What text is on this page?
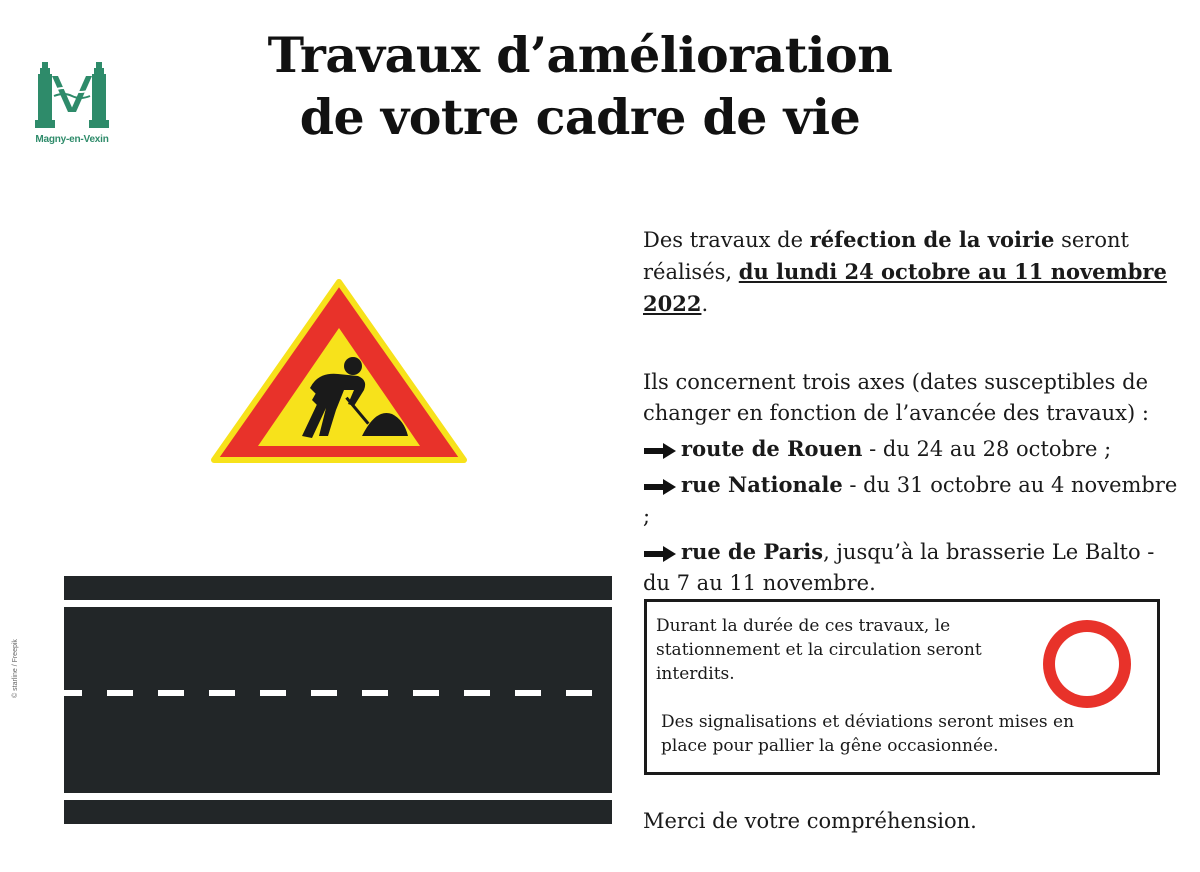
Magny-en-Vexin
Travaux d’amélioration
de votre cadre de vie
© starline / Freepik
Des travaux de réfection de la voirie seront réalisés, du lundi 24 octobre au 11 novembre 2022.
Ils concernent trois axes (dates susceptibles de changer en fonction de l’avancée des travaux) :
route de Rouen - du 24 au 28 octobre ;
rue Nationale - du 31 octobre au 4 novembre ;
rue de Paris, jusqu’à la brasserie Le Balto - du 7 au 11 novembre.
Durant la durée de ces travaux, le stationnement et la circulation seront interdits.
Des signalisations et déviations seront mises en place pour pallier la gêne occasionnée.
Merci de votre compréhension.
